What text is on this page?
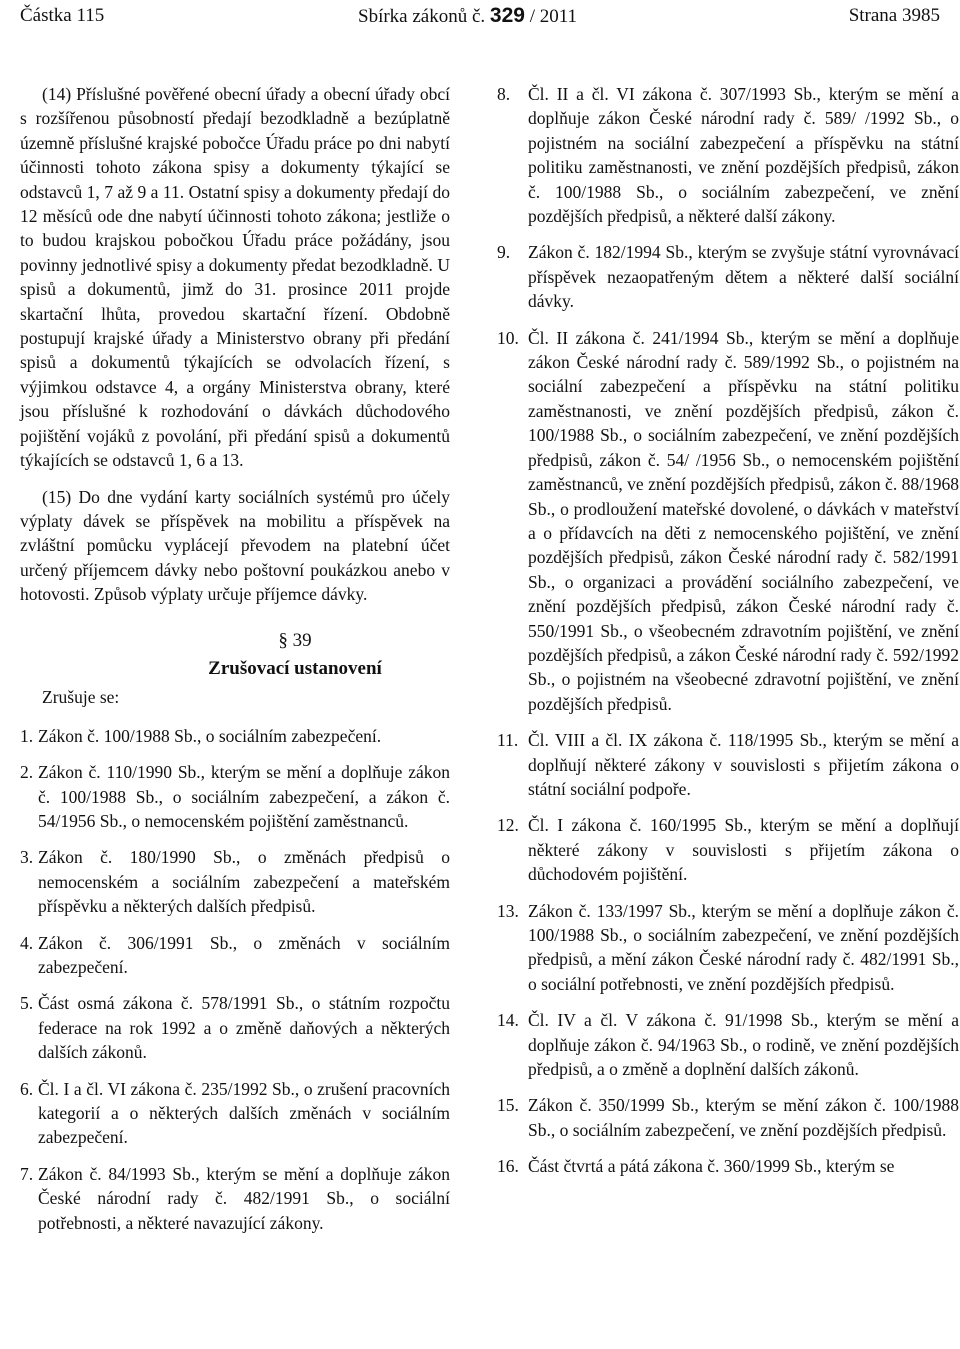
Částka 115	Sbírka zákonů č. 329 / 2011	Strana 3985

(14) Příslušné pověřené obecní úřady a obecní úřady obcí s rozšířenou působností předají bezodkladně a bezúplatně územně příslušné krajské pobočce Úřadu práce po dni nabytí účinnosti tohoto zákona spisy a dokumenty týkající se odstavců 1, 7 až 9 a 11. Ostatní spisy a dokumenty předají do 12 měsíců ode dne nabytí účinnosti tohoto zákona; jestliže o to budou krajskou pobočkou Úřadu práce požádány, jsou povinny jednotlivé spisy a dokumenty předat bezodkladně. U spisů a dokumentů, jimž do 31. prosince 2011 projde skartační lhůta, provedou skartační řízení. Obdobně postupují krajské úřady a Ministerstvo obrany při předání spisů a dokumentů týkajících se odvolacích řízení, s výjimkou odstavce 4, a orgány Ministerstva obrany, které jsou příslušné k rozhodování o dávkách důchodového pojištění vojáků z povolání, při předání spisů a dokumentů týkajících se odstavců 1, 6 a 13.

(15) Do dne vydání karty sociálních systémů pro účely výplaty dávek se příspěvek na mobilitu a příspěvek na zvláštní pomůcku vyplácejí převodem na platební účet určený příjemcem dávky nebo poštovní poukázkou anebo v hotovosti. Způsob výplaty určuje příjemce dávky.

§ 39
Zrušovací ustanovení

Zrušuje se:

1. Zákon č. 100/1988 Sb., o sociálním zabezpečení.
2. Zákon č. 110/1990 Sb., kterým se mění a doplňuje zákon č. 100/1988 Sb., o sociálním zabezpečení, a zákon č. 54/1956 Sb., o nemocenském pojištění zaměstnanců.
3. Zákon č. 180/1990 Sb., o změnách předpisů o nemocenském a sociálním zabezpečení a mateřském příspěvku a některých dalších předpisů.
4. Zákon č. 306/1991 Sb., o změnách v sociálním zabezpečení.
5. Část osmá zákona č. 578/1991 Sb., o státním rozpočtu federace na rok 1992 a o změně daňových a některých dalších zákonů.
6. Čl. I a čl. VI zákona č. 235/1992 Sb., o zrušení pracovních kategorií a o některých dalších změnách v sociálním zabezpečení.
7. Zákon č. 84/1993 Sb., kterým se mění a doplňuje zákon České národní rady č. 482/1991 Sb., o sociální potřebnosti, a některé navazující zákony.
8.	Čl. II a čl. VI zákona č. 307/1993 Sb., kterým se mění a doplňuje zákon České národní rady č. 589/ /1992 Sb., o pojistném na sociální zabezpečení a příspěvku na státní politiku zaměstnanosti, ve znění pozdějších předpisů, zákon č. 100/1988 Sb., o sociálním zabezpečení, ve znění pozdějších předpisů, a některé další zákony.
9.	Zákon č. 182/1994 Sb., kterým se zvyšuje státní vyrovnávací příspěvek nezaopatřeným dětem a některé další sociální dávky.
10. Čl. II zákona č. 241/1994 Sb., kterým se mění a doplňuje zákon České národní rady č. 589/1992 Sb., o pojistném na sociální zabezpečení a příspěvku na státní politiku zaměstnanosti, ve znění pozdějších předpisů, zákon č. 100/1988 Sb., o sociálním zabezpečení, ve znění pozdějších předpisů, zákon č. 54/ /1956 Sb., o nemocenském pojištění zaměstnanců, ve znění pozdějších předpisů, zákon č. 88/1968 Sb., o prodloužení mateřské dovolené, o dávkách v mateřství a o přídavcích na děti z nemocenského pojištění, ve znění pozdějších předpisů, zákon České národní rady č. 582/1991 Sb., o organizaci a provádění sociálního zabezpečení, ve znění pozdějších předpisů, zákon České národní rady č. 550/1991 Sb., o všeobecném zdravotním pojištění, ve znění pozdějších předpisů, a zákon České národní rady č. 592/1992 Sb., o pojistném na všeobecné zdravotní pojištění, ve znění pozdějších předpisů.
11. Čl. VIII a čl. IX zákona č. 118/1995 Sb., kterým se mění a doplňují některé zákony v souvislosti s přijetím zákona o státní sociální podpoře.
12. Čl. I zákona č. 160/1995 Sb., kterým se mění a doplňují některé zákony v souvislosti s přijetím zákona o důchodovém pojištění.
13. Zákon č. 133/1997 Sb., kterým se mění a doplňuje zákon č. 100/1988 Sb., o sociálním zabezpečení, ve znění pozdějších předpisů, a mění zákon České národní rady č. 482/1991 Sb., o sociální potřebnosti, ve znění pozdějších předpisů.
14. Čl. IV a čl. V zákona č. 91/1998 Sb., kterým se mění a doplňuje zákon č. 94/1963 Sb., o rodině, ve znění pozdějších předpisů, a o změně a doplnění dalších zákonů.
15. Zákon č. 350/1999 Sb., kterým se mění zákon č. 100/1988 Sb., o sociálním zabezpečení, ve znění pozdějších předpisů.
16. Část čtvrtá a pátá zákona č. 360/1999 Sb., kterým se
